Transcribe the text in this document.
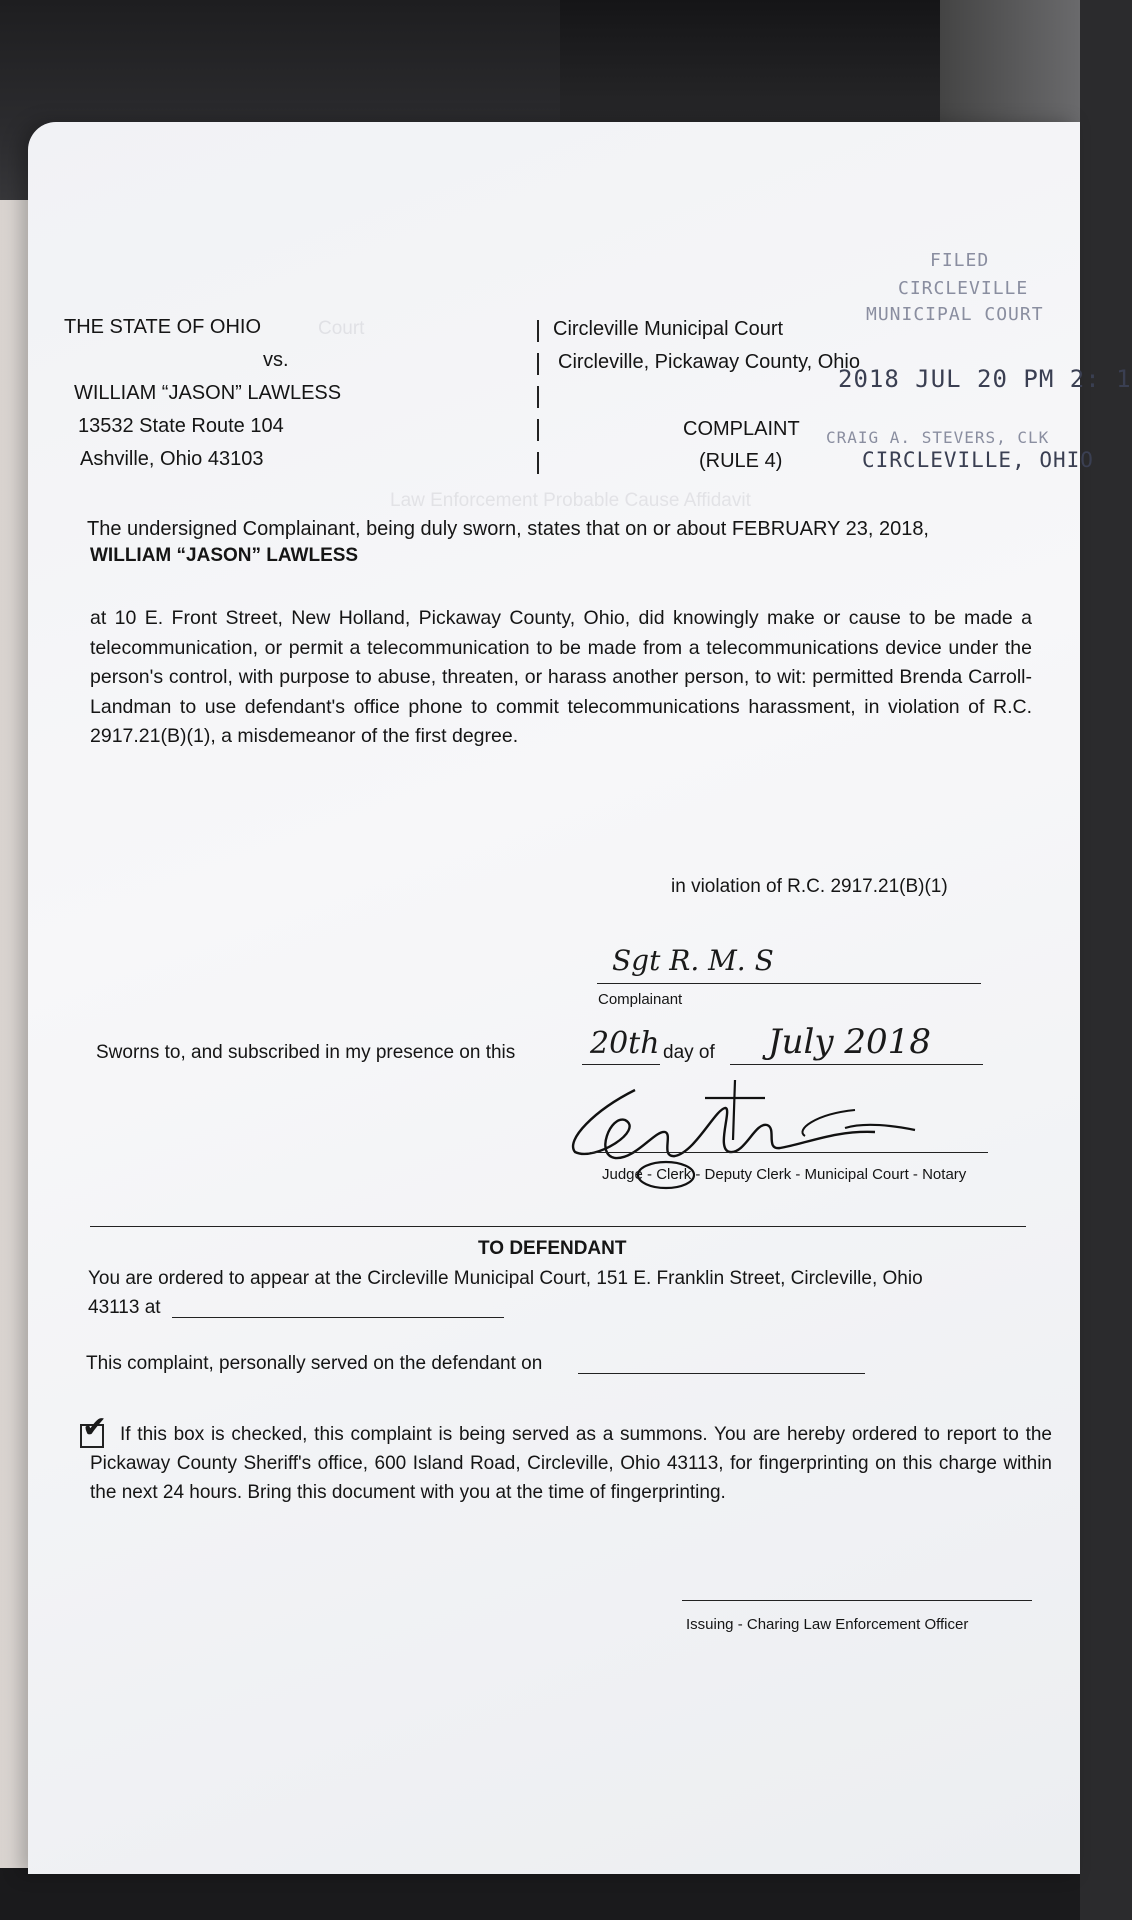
Court
Law Enforcement Probable Cause Affidavit
FILED
CIRCLEVILLE
MUNICIPAL COURT
2018 JUL 20 PM 2: 1
CRAIG A. STEVERS, CLK
CIRCLEVILLE, OHIO
THE STATE OF OHIO
vs.
WILLIAM “JASON” LAWLESS
13532 State Route 104
Ashville, Ohio 43103
Circleville Municipal Court
Circleville, Pickaway County, Ohio
COMPLAINT
(RULE 4)
The undersigned Complainant, being duly sworn, states that on or about FEBRUARY 23, 2018,
WILLIAM “JASON” LAWLESS
at 10 E. Front Street, New Holland, Pickaway County, Ohio, did knowingly make or cause to be made a telecommunication, or permit a telecommunication to be made from a telecommunications device under the person's control, with purpose to abuse, threaten, or harass another person, to wit: permitted Brenda Carroll-Landman to use defendant's office phone to commit telecommunications harassment, in violation of R.C. 2917.21(B)(1), a misdemeanor of the first degree.
in violation of R.C. 2917.21(B)(1)
Sgt R. M. S
Complainant
Sworns to, and subscribed in my presence on this 20th day of July 2018
Judge - Clerk - Deputy Clerk - Municipal Court - Notary
TO DEFENDANT
You are ordered to appear at the Circleville Municipal Court, 151 E. Franklin Street, Circleville, Ohio
43113 at
This complaint, personally served on the defendant on
✔ If this box is checked, this complaint is being served as a summons. You are hereby ordered to report to the Pickaway County Sheriff's office, 600 Island Road, Circleville, Ohio 43113, for fingerprinting on this charge within the next 24 hours. Bring this document with you at the time of fingerprinting.
Issuing - Charing Law Enforcement Officer
